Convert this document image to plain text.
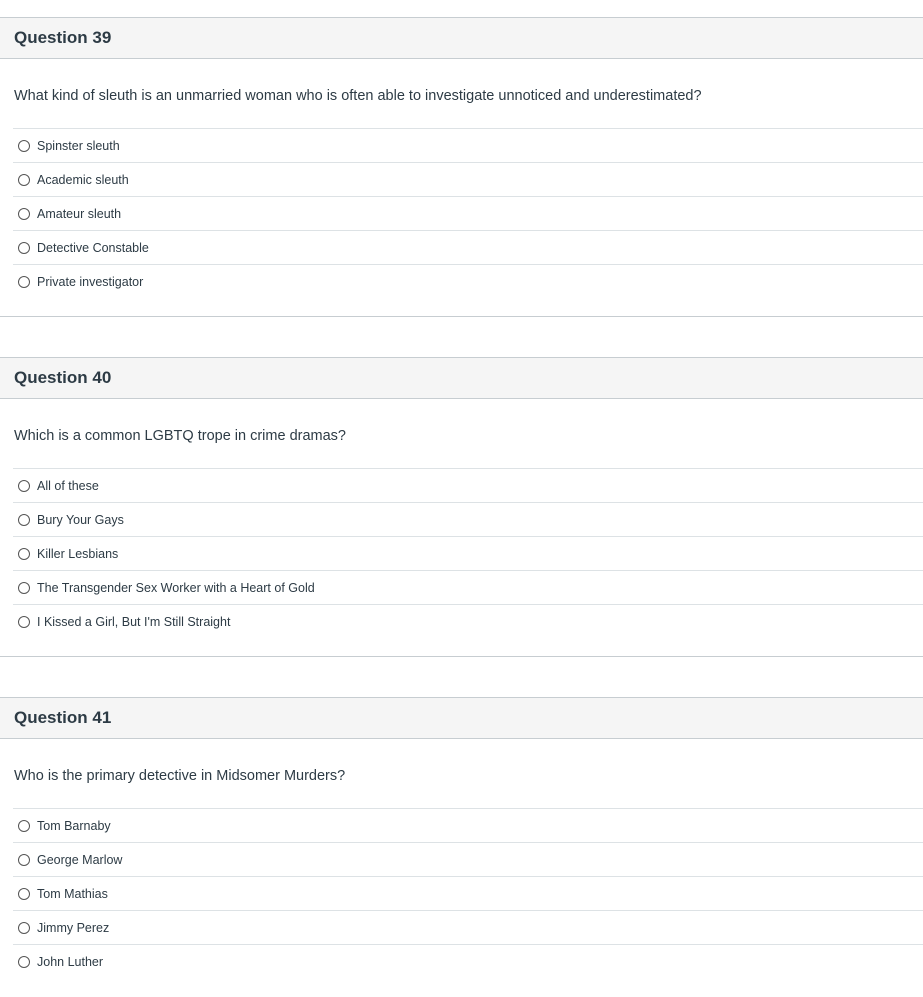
Question 39
What kind of sleuth is an unmarried woman who is often able to investigate unnoticed and underestimated?
Spinster sleuth
Academic sleuth
Amateur sleuth
Detective Constable
Private investigator
Question 40
Which is a common LGBTQ trope in crime dramas?
All of these
Bury Your Gays
Killer Lesbians
The Transgender Sex Worker with a Heart of Gold
I Kissed a Girl, But I'm Still Straight
Question 41
Who is the primary detective in Midsomer Murders?
Tom Barnaby
George Marlow
Tom Mathias
Jimmy Perez
John Luther
